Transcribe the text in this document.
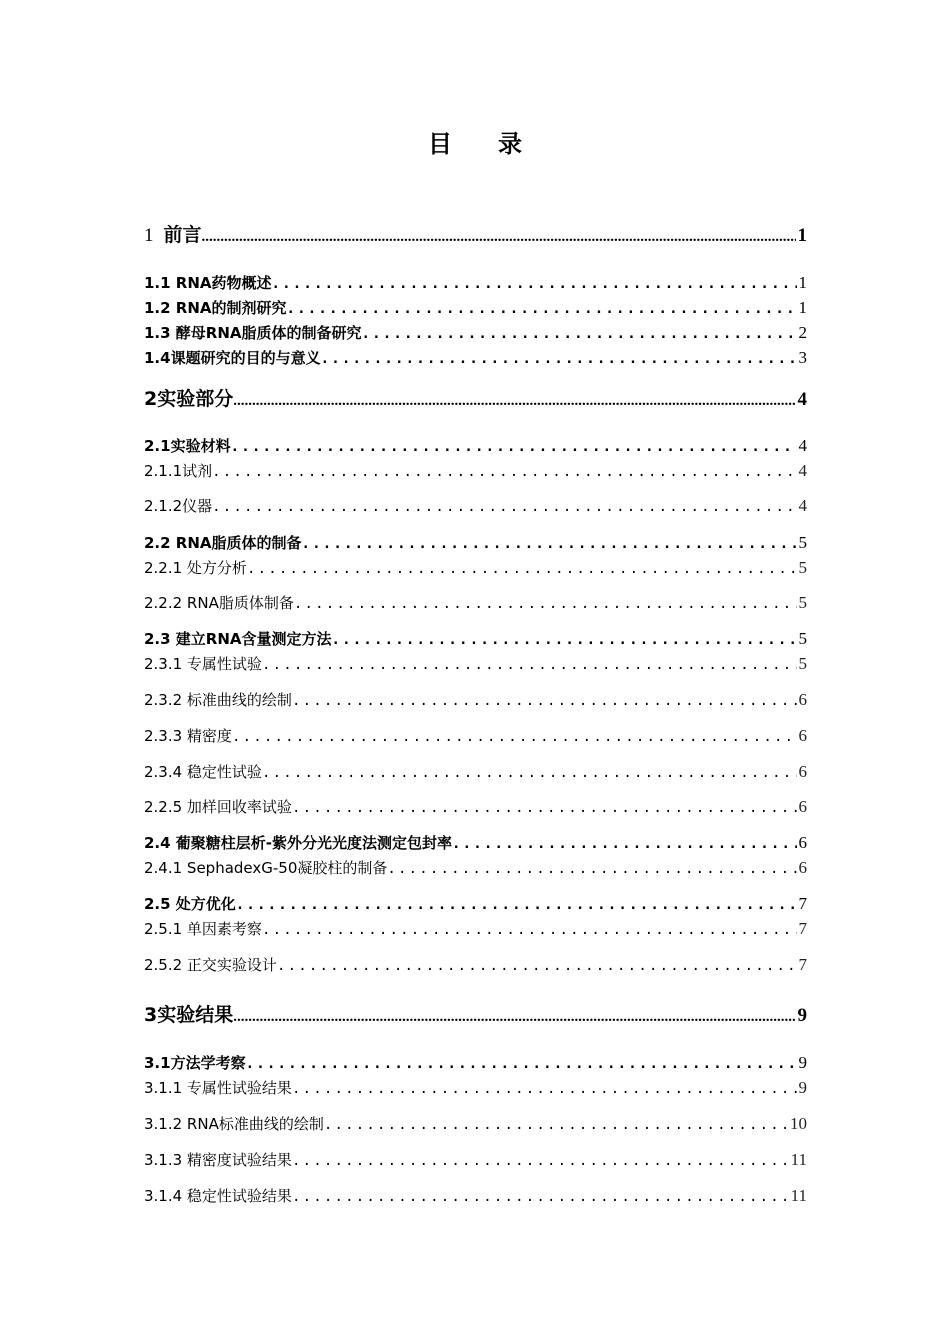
目录
1 前言 .....	1
1.1 RNA药物概述 .....	1
1.2 RNA的制剂研究 .....	1
1.3 酵母RNA脂质体的制备研究 .....	2
1.4课题研究的目的与意义 .....	3
2实验部分 .....	4
2.1实验材料 .....	4
2.1.1试剂 .....	4
2.1.2仪器 .....	4
2.2 RNA脂质体的制备 .....	5
2.2.1 处方分析 .....	5
2.2.2 RNA脂质体制备 .....	5
2.3 建立RNA含量测定方法 .....	5
2.3.1 专属性试验 .....	5
2.3.2 标准曲线的绘制 .....	6
2.3.3 精密度 .....	6
2.3.4 稳定性试验 .....	6
2.2.5 加样回收率试验 .....	6
2.4 葡聚糖柱层析-紫外分光光度法测定包封率 .....	6
2.4.1 SephadexG-50凝胶柱的制备 .....	6
2.5 处方优化 .....	7
2.5.1 单因素考察 .....	7
2.5.2 正交实验设计 .....	7
3实验结果 .....	9
3.1方法学考察 .....	9
3.1.1 专属性试验结果 .....	9
3.1.2 RNA标准曲线的绘制 .....	10
3.1.3 精密度试验结果 .....	11
3.1.4 稳定性试验结果 .....	11
